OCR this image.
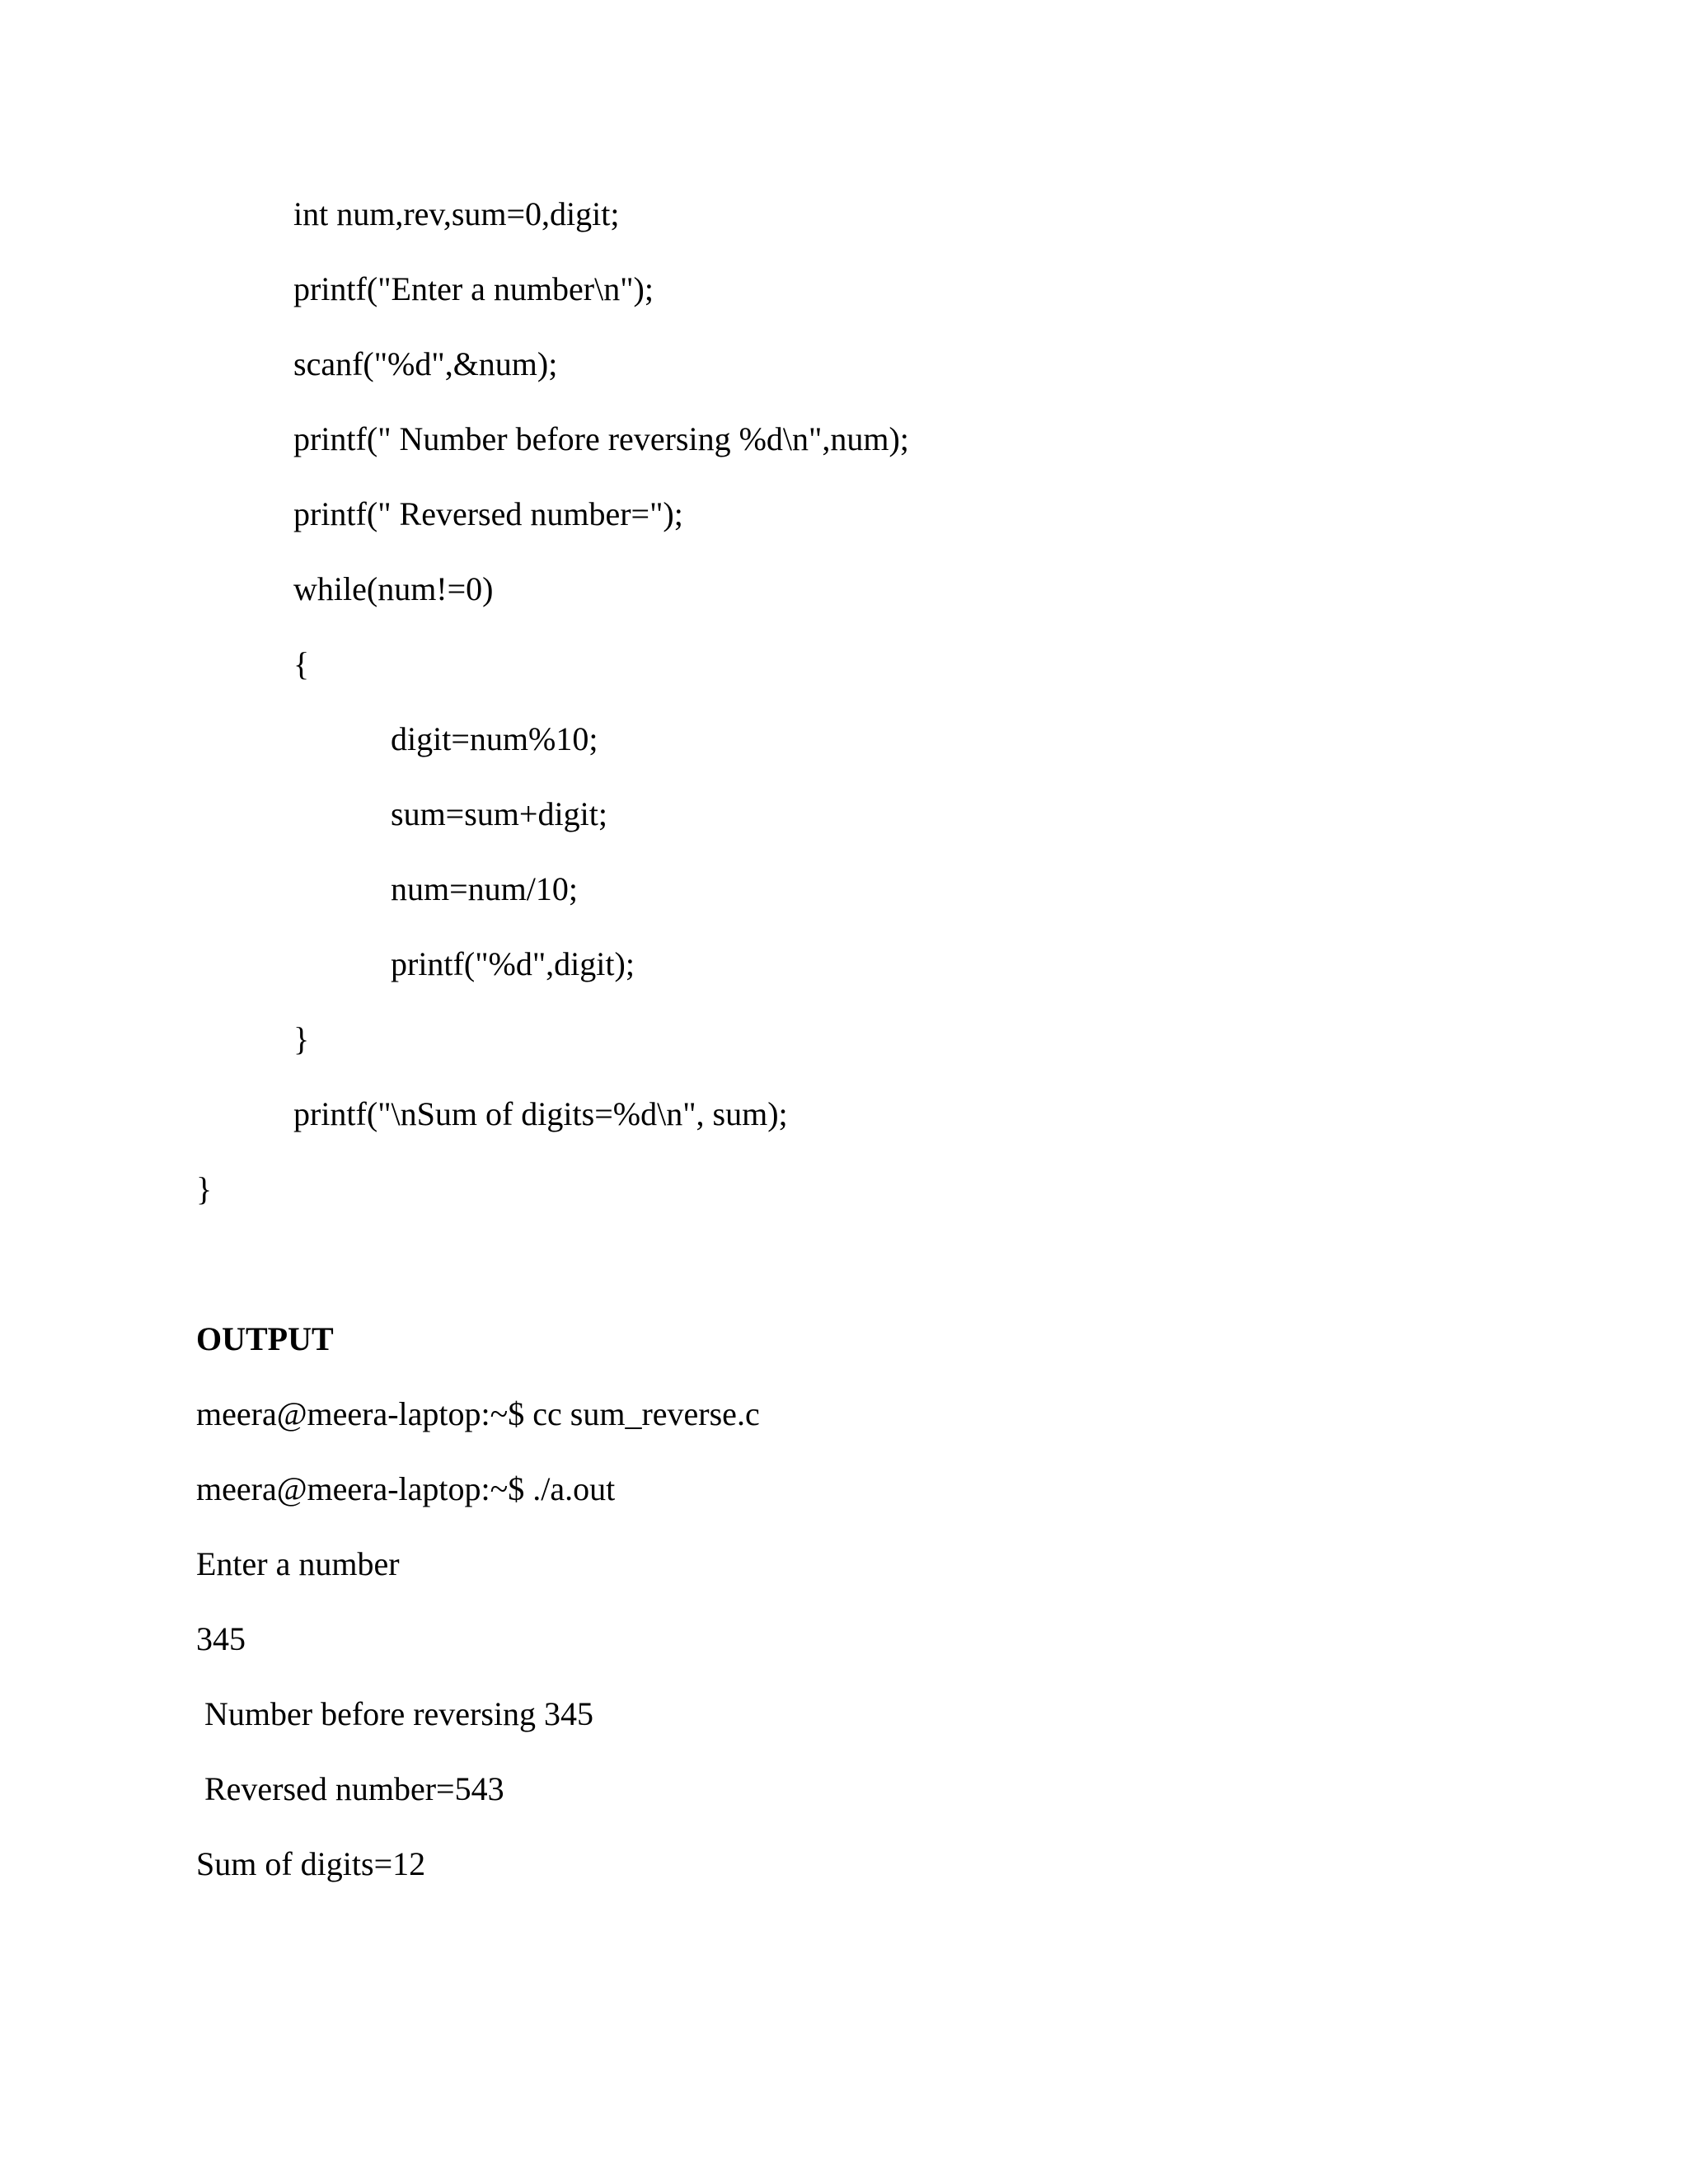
int num,rev,sum=0,digit;
printf("Enter a number\n");
scanf("%d",&num);
printf(" Number before reversing %d\n",num);
printf(" Reversed number=");
while(num!=0)
{
digit=num%10;
sum=sum+digit;
num=num/10;
printf("%d",digit);
}
printf("\nSum of digits=%d\n", sum);
}
OUTPUT
meera@meera-laptop:~$ cc sum_reverse.c
meera@meera-laptop:~$ ./a.out
Enter a number
345
Number before reversing 345
Reversed number=543
Sum of digits=12
